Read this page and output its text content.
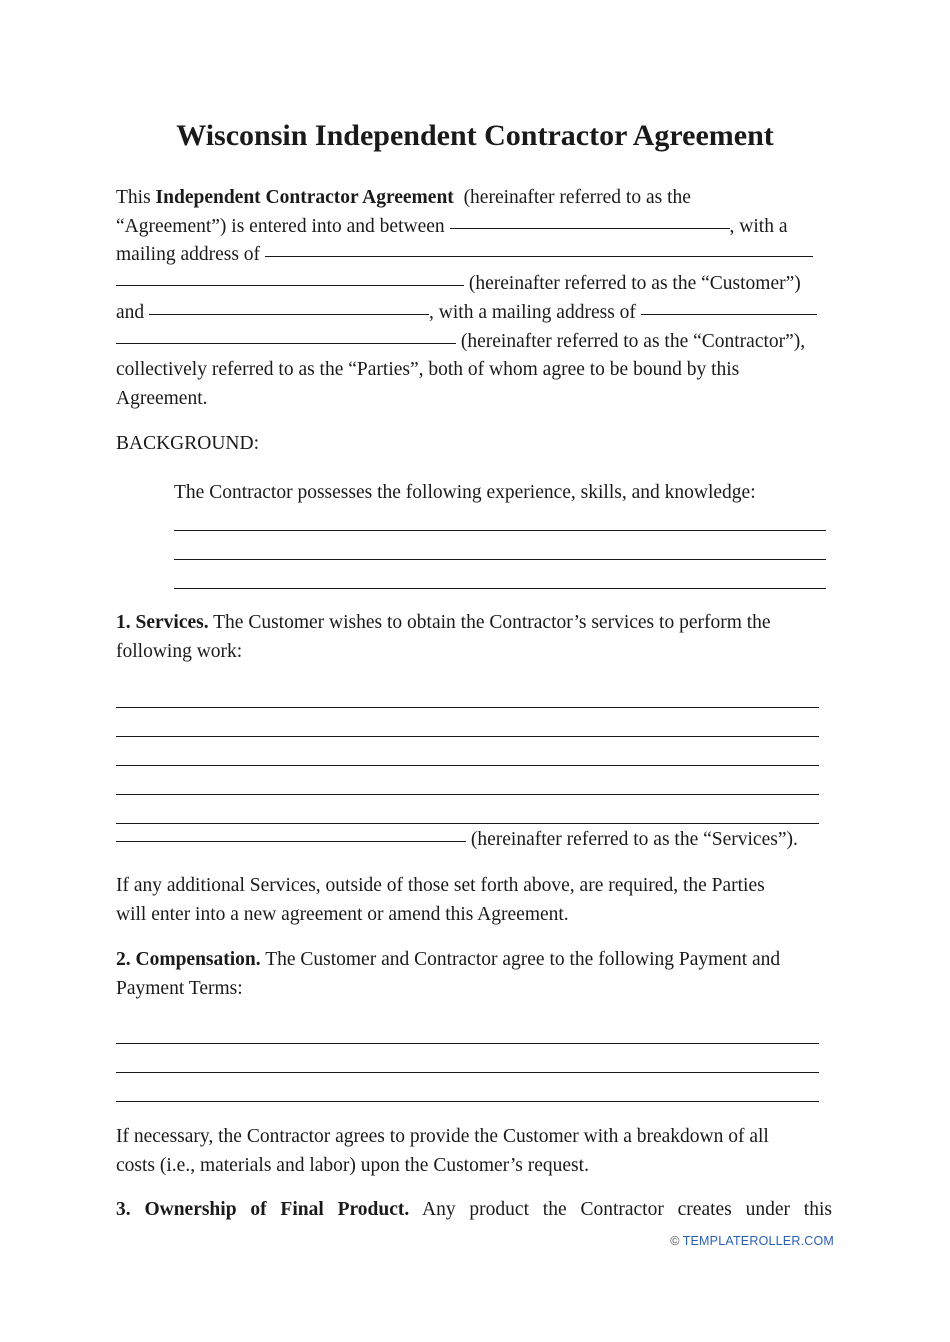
Wisconsin Independent Contractor Agreement
This Independent Contractor Agreement (hereinafter referred to as the
“Agreement”) is entered into and between	, with a
mailing address of
(hereinafter referred to as the “Customer”)
and	, with a mailing address of
(hereinafter referred to as the “Contractor”),
collectively referred to as the “Parties”, both of whom agree to be bound by this
Agreement.
BACKGROUND:
The Contractor possesses the following experience, skills, and knowledge:
1. Services. The Customer wishes to obtain the Contractor’s services to perform the
following work:
(hereinafter referred to as the “Services”).
If any additional Services, outside of those set forth above, are required, the Parties
will enter into a new agreement or amend this Agreement.
2. Compensation. The Customer and Contractor agree to the following Payment and
Payment Terms:
If necessary, the Contractor agrees to provide the Customer with a breakdown of all
costs (i.e., materials and labor) upon the Customer’s request.
3. Ownership of Final Product. Any product the Contractor creates under this
© TEMPLATEROLLER.COM
